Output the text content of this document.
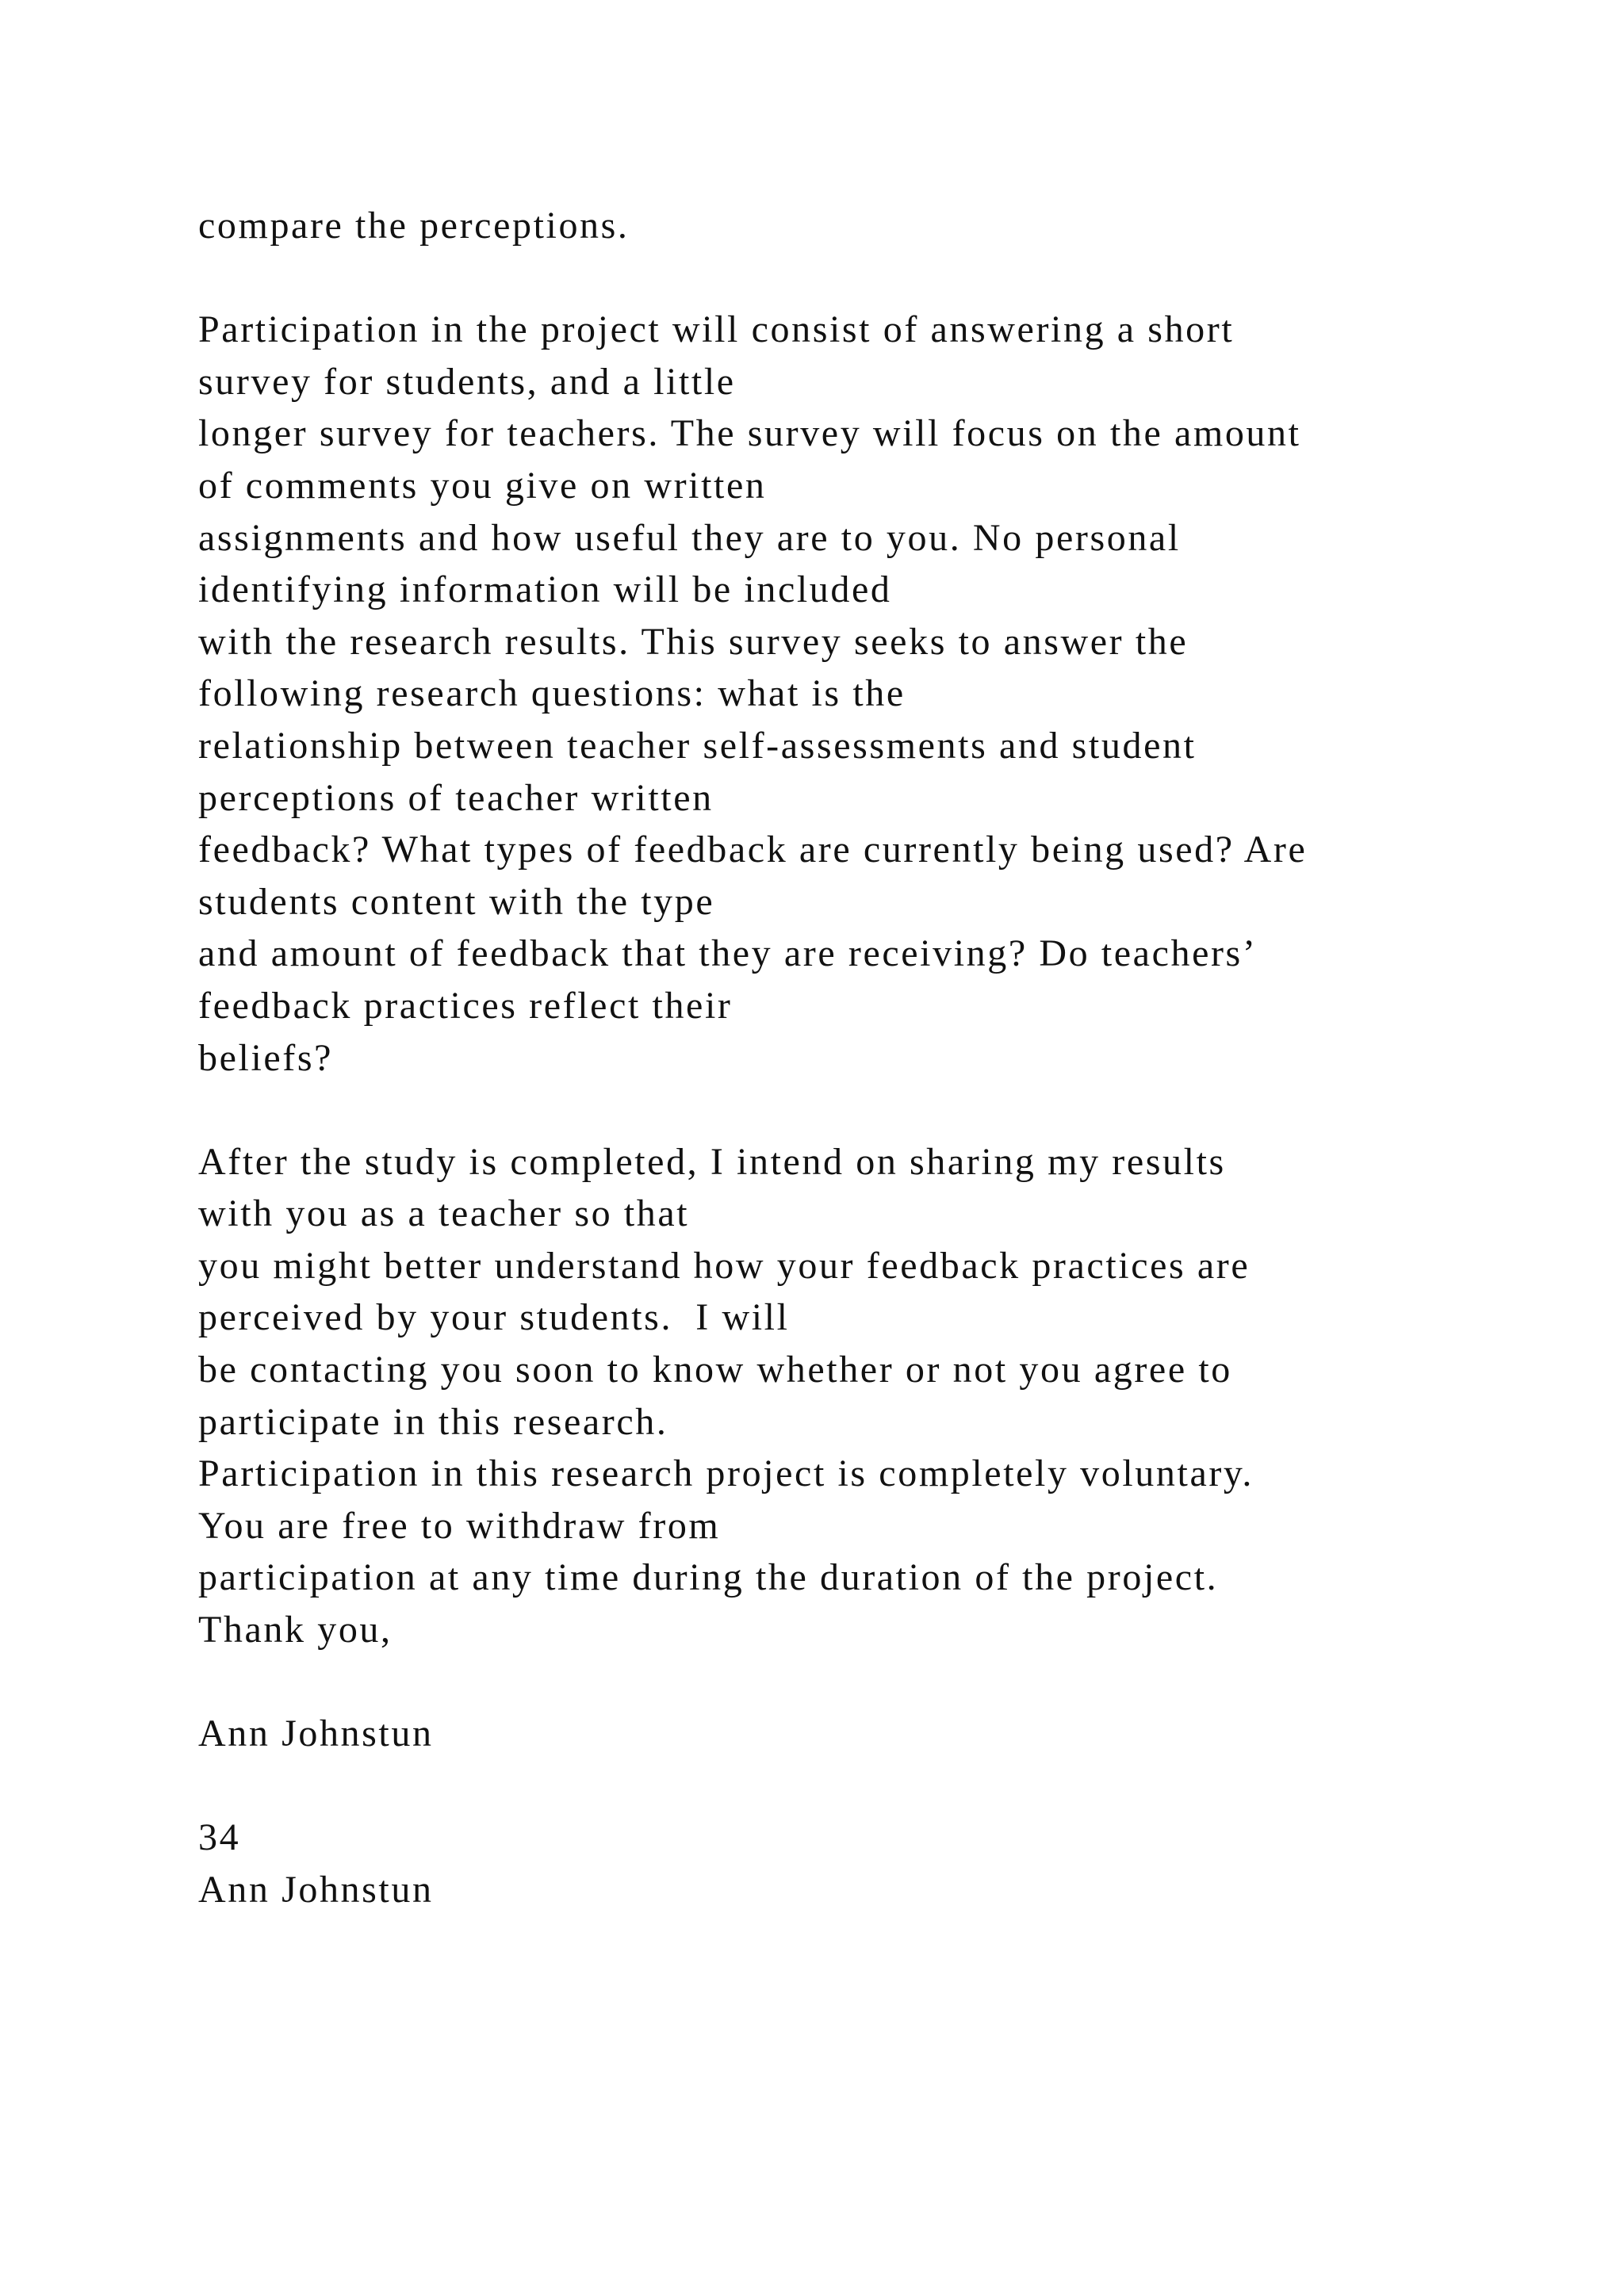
compare the perceptions.
Participation in the project will consist of answering a short
survey for students, and a little
longer survey for teachers. The survey will focus on the amount
of comments you give on written
assignments and how useful they are to you. No personal
identifying information will be included
with the research results. This survey seeks to answer the
following research questions: what is the
relationship between teacher self-assessments and student
perceptions of teacher written
feedback? What types of feedback are currently being used? Are
students content with the type
and amount of feedback that they are receiving? Do teachers’
feedback practices reflect their
beliefs?
After the study is completed, I intend on sharing my results
with you as a teacher so that
you might better understand how your feedback practices are
perceived by your students.  I will
be contacting you soon to know whether or not you agree to
participate in this research.
Participation in this research project is completely voluntary.
You are free to withdraw from
participation at any time during the duration of the project.
Thank you,
Ann Johnstun
34
Ann Johnstun
